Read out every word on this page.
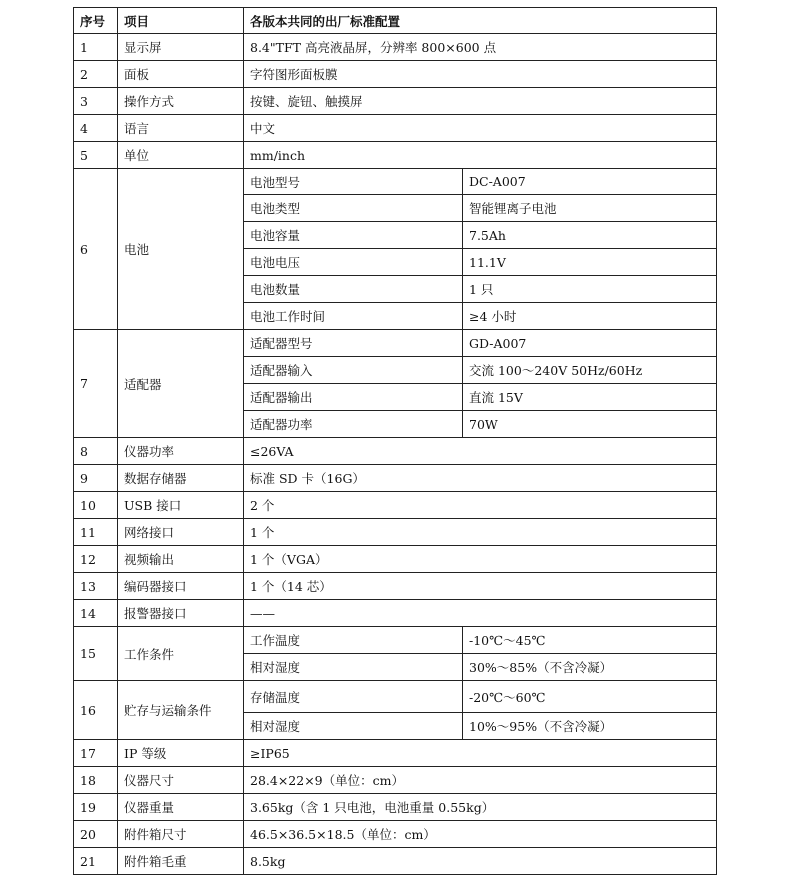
序号	项目	各版本共同的出厂标准配置	
1	显示屏	8.4"TFT 高亮液晶屏，分辨率 800×600 点	
2	面板	字符图形面板膜	
3	操作方式	按键、旋钮、触摸屏	
4	语言	中文	
5	单位	mm/inch	
6	电池	电池型号	DC-A007
		电池类型	智能锂离子电池
		电池容量	7.5Ah
		电池电压	11.1V
		电池数量	1 只
		电池工作时间	≥4 小时
7	适配器	适配器型号	GD-A007
		适配器输入	交流 100～240V 50Hz/60Hz
		适配器输出	直流 15V
		适配器功率	70W
8	仪器功率	≤26VA	
9	数据存储器	标准 SD 卡（16G）	
10	USB 接口	2 个	
11	网络接口	1 个	
12	视频输出	1 个（VGA）	
13	编码器接口	1 个（14 芯）	
14	报警器接口	——	
15	工作条件	工作温度	-10℃～45℃
		相对湿度	30%～85%（不含冷凝）
16	贮存与运输条件	存储温度	-20℃～60℃
		相对湿度	10%～95%（不含冷凝）
17	IP 等级	≥IP65	
18	仪器尺寸	28.4×22×9（单位：cm）	
19	仪器重量	3.65kg（含 1 只电池，电池重量 0.55kg）	
20	附件箱尺寸	46.5×36.5×18.5（单位：cm）	
21	附件箱毛重	8.5kg	
